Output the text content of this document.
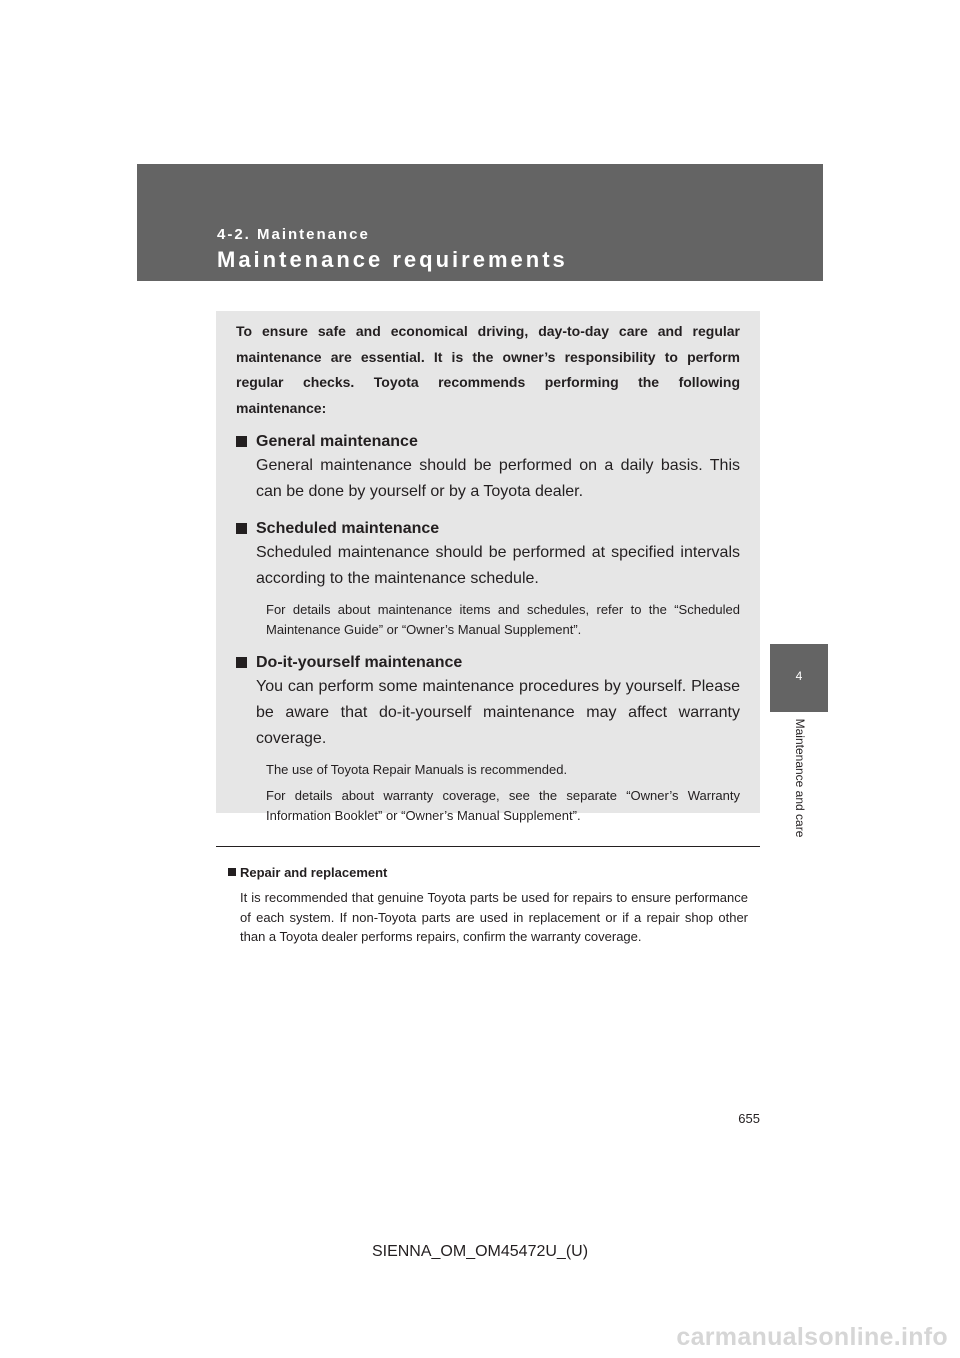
4-2. Maintenance
Maintenance requirements
4
Maintenance and care

To ensure safe and economical driving, day-to-day care and regular maintenance are essential. It is the owner’s responsibility to perform regular checks. Toyota recommends performing the following maintenance:

General maintenance

General maintenance should be performed on a daily basis. This can be done by yourself or by a Toyota dealer.

Scheduled maintenance

Scheduled maintenance should be performed at specified intervals according to the maintenance schedule.

For details about maintenance items and schedules, refer to the “Scheduled Maintenance Guide” or “Owner’s Manual Supplement”.

Do-it-yourself maintenance

You can perform some maintenance procedures by yourself. Please be aware that do-it-yourself maintenance may affect warranty coverage.

The use of Toyota Repair Manuals is recommended.

For details about warranty coverage, see the separate “Owner’s Warranty Information Booklet” or “Owner’s Manual Supplement”.

Repair and replacement

It is recommended that genuine Toyota parts be used for repairs to ensure performance of each system. If non-Toyota parts are used in replacement or if a repair shop other than a Toyota dealer performs repairs, confirm the warranty coverage.

655
SIENNA_OM_OM45472U_(U)
carmanualsonline.info
